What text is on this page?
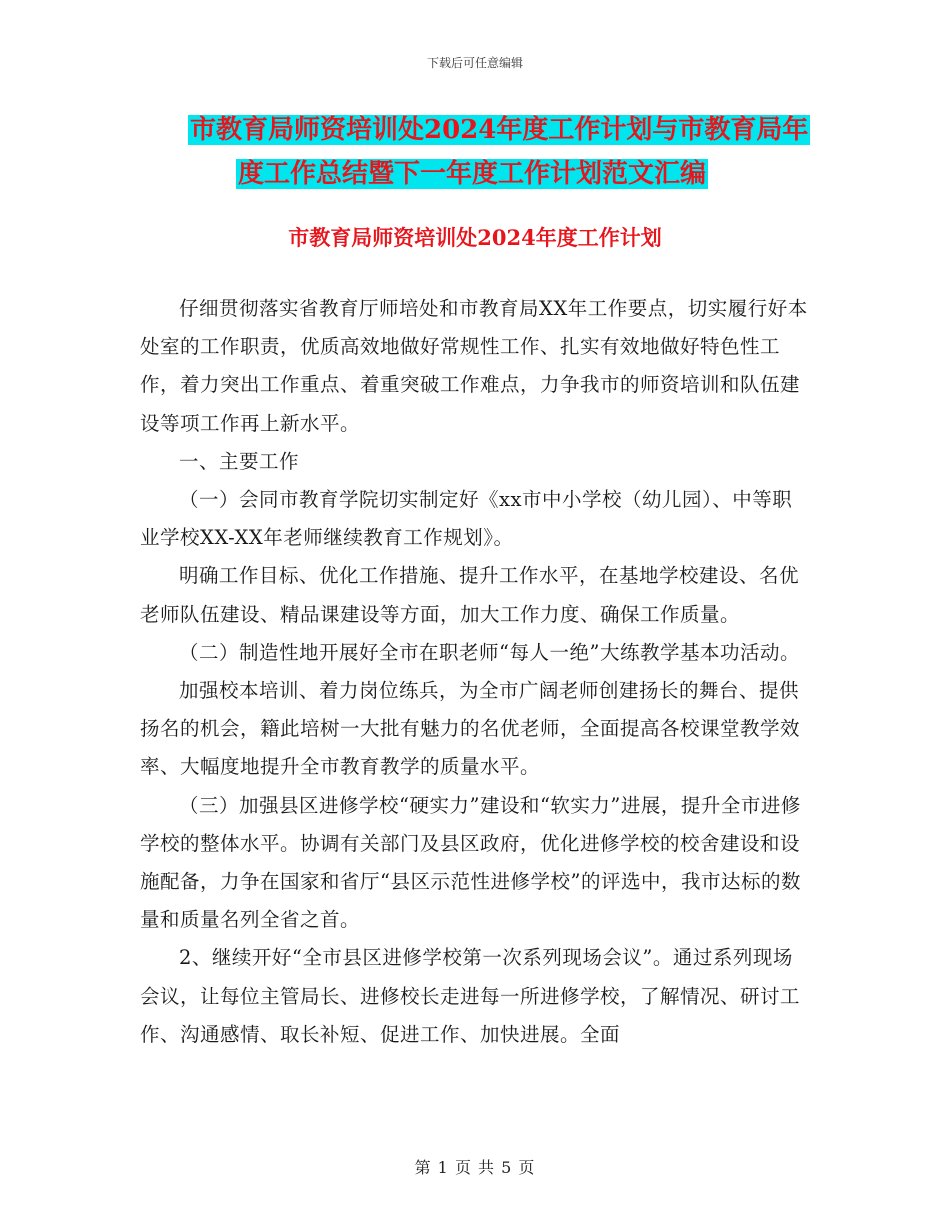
下载后可任意编辑
市教育局师资培训处2024年度工作计划与市教育局年
度工作总结暨下一年度工作计划范文汇编
市教育局师资培训处2024年度工作计划

仔细贯彻落实省教育厅师培处和市教育局XX年工作要点，切实履行好本处室的工作职责，优质高效地做好常规性工作、扎实有效地做好特色性工作，着力突出工作重点、着重突破工作难点，力争我市的师资培训和队伍建设等项工作再上新水平。

一、主要工作

（一）会同市教育学院切实制定好《xx市中小学校（幼儿园）、中等职业学校XX-XX年老师继续教育工作规划》。

明确工作目标、优化工作措施、提升工作水平，在基地学校建设、名优老师队伍建设、精品课建设等方面，加大工作力度、确保工作质量。

（二）制造性地开展好全市在职老师“每人一绝”大练教学基本功活动。

加强校本培训、着力岗位练兵，为全市广阔老师创建扬长的舞台、提供扬名的机会，籍此培树一大批有魅力的名优老师，全面提高各校课堂教学效率、大幅度地提升全市教育教学的质量水平。

（三）加强县区进修学校“硬实力”建设和“软实力”进展，提升全市进修学校的整体水平。协调有关部门及县区政府，优化进修学校的校舍建设和设施配备，力争在国家和省厅“县区示范性进修学校”的评选中，我市达标的数量和质量名列全省之首。

2、继续开好“全市县区进修学校第一次系列现场会议”。通过系列现场会议，让每位主管局长、进修校长走进每一所进修学校，了解情况、研讨工作、沟通感情、取长补短、促进工作、加快进展。全面

第 1 页 共 5 页
